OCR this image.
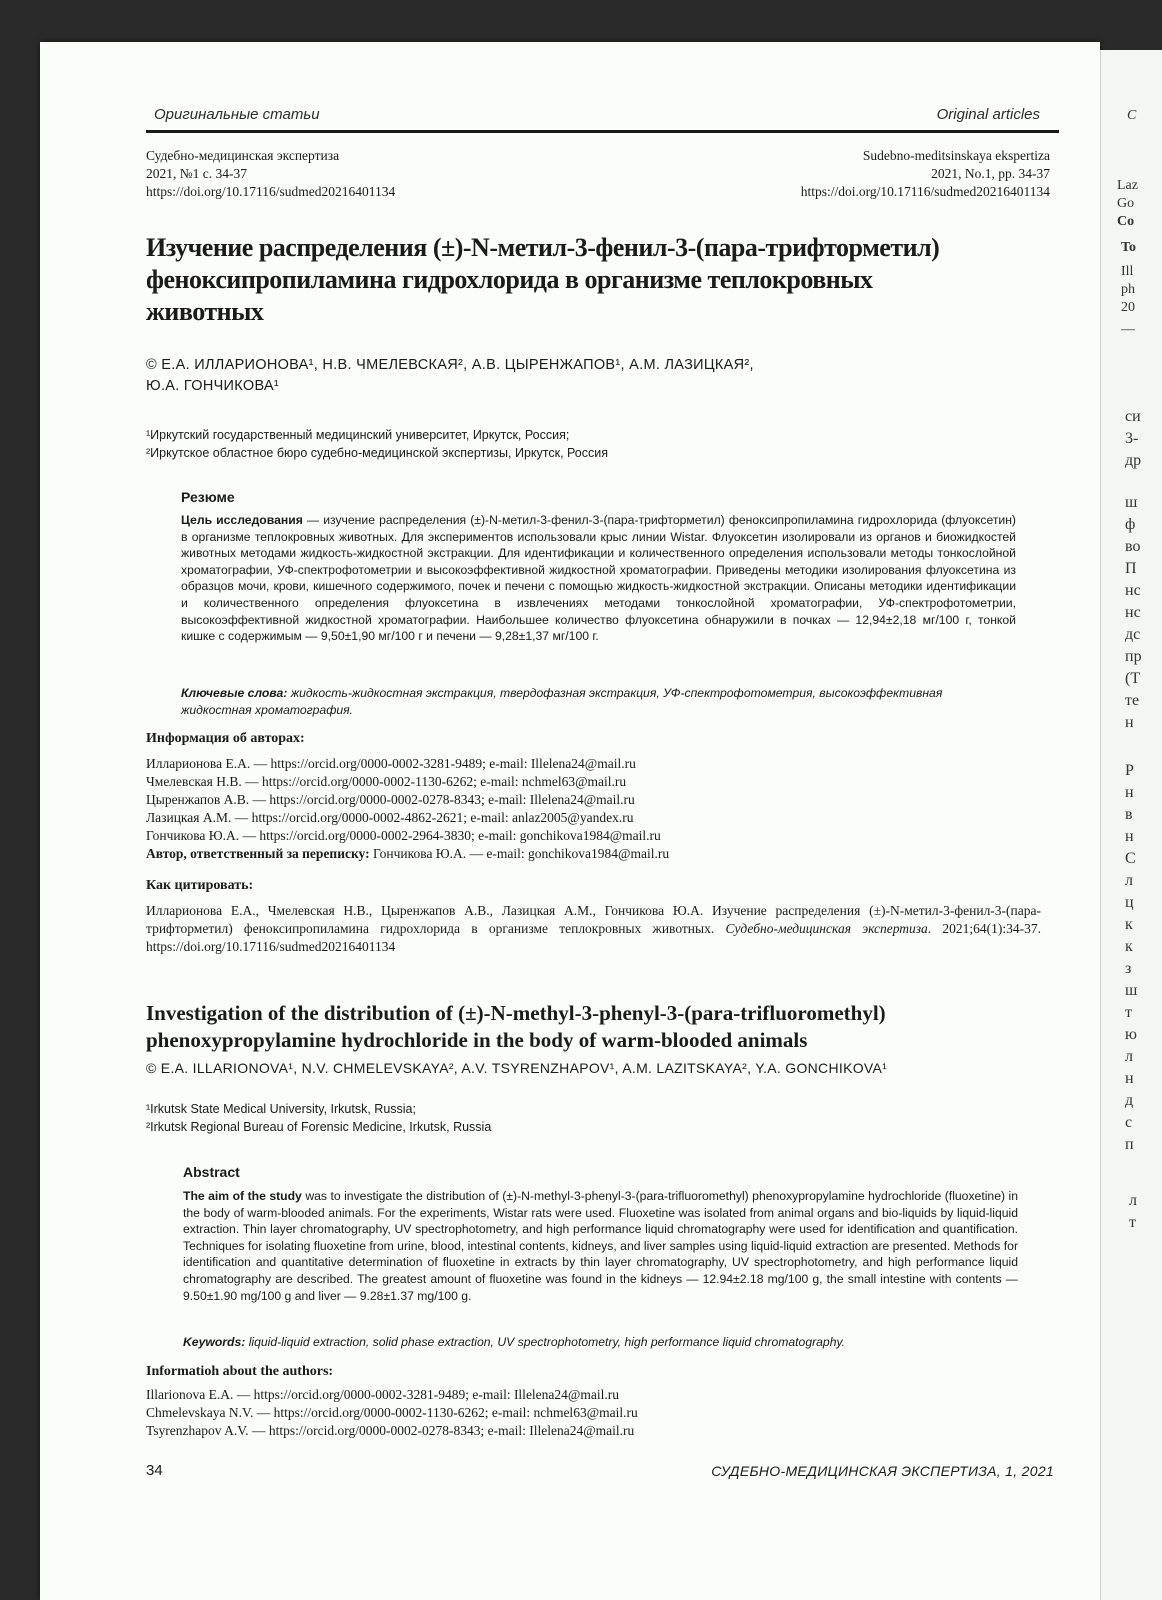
Оригинальные статьи	Original articles
Судебно-медицинская экспертиза
2021, №1 с. 34-37
https://doi.org/10.17116/sudmed20216401134
Sudebno-meditsinskaya ekspertiza
2021, No.1, pp. 34-37
https://doi.org/10.17116/sudmed20216401134
Изучение распределения (±)-N-метил-3-фенил-3-(пара-трифторметил)
феноксипропиламина гидрохлорида в организме теплокровных
животных
© Е.А. ИЛЛАРИОНОВА¹, Н.В. ЧМЕЛЕВСКАЯ², А.В. ЦЫРЕНЖАПОВ¹, А.М. ЛАЗИЦКАЯ²,
Ю.А. ГОНЧИКОВА¹
¹Иркутский государственный медицинский университет, Иркутск, Россия;
²Иркутское областное бюро судебно-медицинской экспертизы, Иркутск, Россия
Резюме
Цель исследования — изучение распределения (±)-N-метил-3-фенил-3-(пара-трифторметил) феноксипропиламина гидрохлорида (флуоксетин) в организме теплокровных животных. Для экспериментов использовали крыс линии Wistar. Флуоксетин изолировали из органов и биожидкостей животных методами жидкость-жидкостной экстракции. Для идентификации и количественного определения использовали методы тонкослойной хроматографии, УФ-спектрофотометрии и высокоэффективной жидкостной хроматографии. Приведены методики изолирования флуоксетина из образцов мочи, крови, кишечного содержимого, почек и печени с помощью жидкость-жидкостной экстракции. Описаны методики идентификации и количественного определения флуоксетина в извлечениях методами тонкослойной хроматографии, УФ-спектрофотометрии, высокоэффективной жидкостной хроматографии. Наибольшее количество флуоксетина обнаружили в почках — 12,94±2,18 мг/100 г, тонкой кишке с содержимым — 9,50±1,90 мг/100 г и печени — 9,28±1,37 мг/100 г.
Ключевые слова: жидкость-жидкостная экстракция, твердофазная экстракция, УФ-спектрофотометрия, высокоэффективная жидкостная хроматография.
Информация об авторах:
Илларионова Е.А. — https://orcid.org/0000-0002-3281-9489; e-mail: Illelena24@mail.ru
Чмелевская Н.В. — https://orcid.org/0000-0002-1130-6262; e-mail: nchmel63@mail.ru
Цыренжапов А.В. — https://orcid.org/0000-0002-0278-8343; e-mail: Illelena24@mail.ru
Лазицкая А.М. — https://orcid.org/0000-0002-4862-2621; e-mail: anlaz2005@yandex.ru
Гончикова Ю.А. — https://orcid.org/0000-0002-2964-3830; e-mail: gonchikova1984@mail.ru
Автор, ответственный за переписку: Гончикова Ю.А. — e-mail: gonchikova1984@mail.ru
Как цитировать:
Илларионова Е.А., Чмелевская Н.В., Цыренжапов А.В., Лазицкая А.М., Гончикова Ю.А. Изучение распределения (±)-N-метил-3-фенил-3-(пара-трифторметил) феноксипропиламина гидрохлорида в организме теплокровных животных. Судебно-медицинская экспертиза. 2021;64(1):34-37. https://doi.org/10.17116/sudmed20216401134
Investigation of the distribution of (±)-N-methyl-3-phenyl-3-(para-trifluoromethyl)
phenoxypropylamine hydrochloride in the body of warm-blooded animals
© E.A. ILLARIONOVA¹, N.V. CHMELEVSKAYA², A.V. TSYRENZHAPOV¹, A.M. LAZITSKAYA², Y.A. GONCHIKOVA¹
¹Irkutsk State Medical University, Irkutsk, Russia;
²Irkutsk Regional Bureau of Forensic Medicine, Irkutsk, Russia
Abstract
The aim of the study was to investigate the distribution of (±)-N-methyl-3-phenyl-3-(para-trifluoromethyl) phenoxypropylamine hydrochloride (fluoxetine) in the body of warm-blooded animals. For the experiments, Wistar rats were used. Fluoxetine was isolated from animal organs and bio-liquids by liquid-liquid extraction. Thin layer chromatography, UV spectrophotometry, and high performance liquid chromatography were used for identification and quantification. Techniques for isolating fluoxetine from urine, blood, intestinal contents, kidneys, and liver samples using liquid-liquid extraction are presented. Methods for identification and quantitative determination of fluoxetine in extracts by thin layer chromatography, UV spectrophotometry, and high performance liquid chromatography are described. The greatest amount of fluoxetine was found in the kidneys — 12.94±2.18 mg/100 g, the small intestine with contents — 9.50±1.90 mg/100 g and liver — 9.28±1.37 mg/100 g.
Keywords: liquid-liquid extraction, solid phase extraction, UV spectrophotometry, high performance liquid chromatography.
Informatioh about the authors:
Illarionova E.A. — https://orcid.org/0000-0002-3281-9489; e-mail: Illelena24@mail.ru
Chmelevskaya N.V. — https://orcid.org/0000-0002-1130-6262; e-mail: nchmel63@mail.ru
Tsyrenzhapov A.V. — https://orcid.org/0000-0002-0278-8343; e-mail: Illelena24@mail.ru
34	СУДЕБНО-МЕДИЦИНСКАЯ ЭКСПЕРТИЗА, 1, 2021
С
Laz
Go
Co
To
Ill
ph
20
—
си
3-
др
ш
ф
во
П
нс
нс
дс
пр
(Т
те
н
Р
н
в
н
С
л
ц
к
к
з
ш
т
ю
л
н
д
с
п
л
т
